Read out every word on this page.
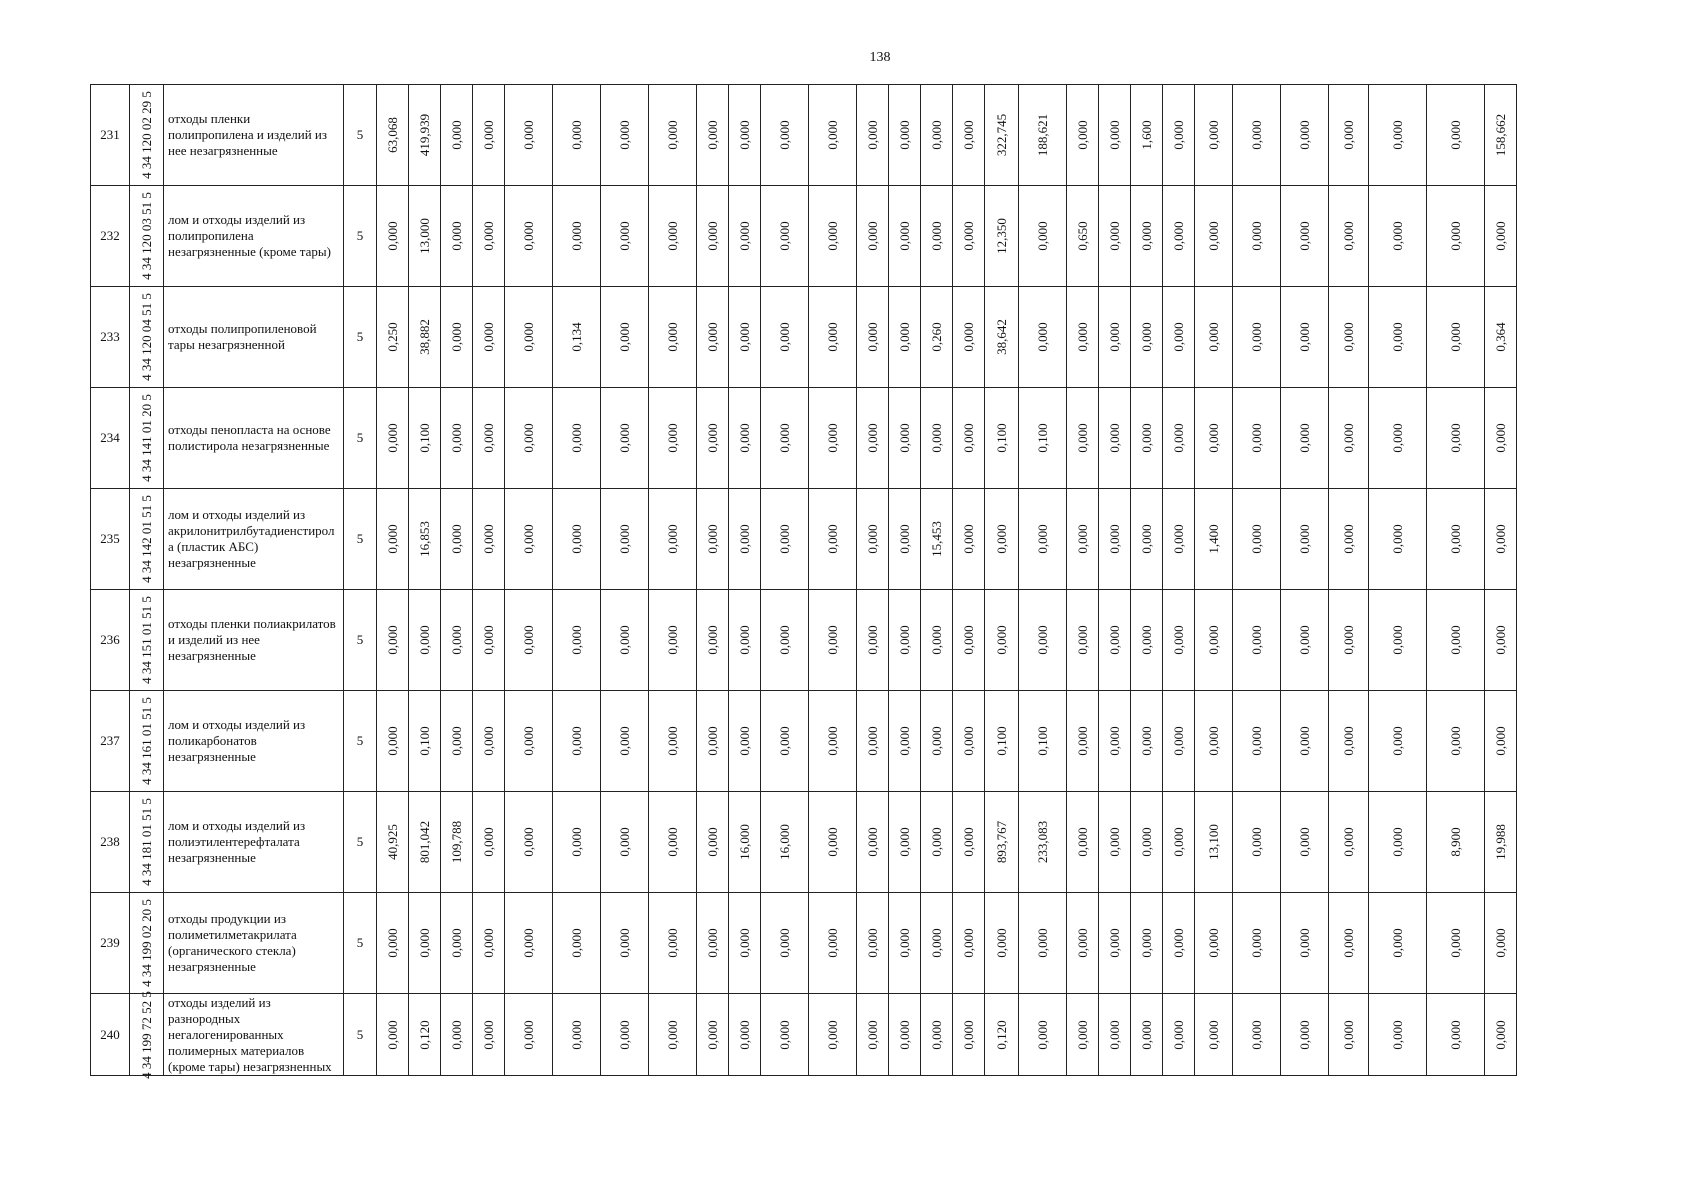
138
231	4 34 120 02 29 5	отходы пленки полипропилена и изделий из нее незагрязненные	5	63,068	419,939	0,000	0,000	0,000	0,000	0,000	0,000	0,000	0,000	0,000	0,000	0,000	0,000	0,000	0,000	322,745	188,621	0,000	0,000	1,600	0,000	0,000	0,000	0,000	0,000	0,000	0,000	158,662

232	4 34 120 03 51 5	лом и отходы изделий из полипропилена незагрязненные (кроме тары)	5	0,000	13,000	0,000	0,000	0,000	0,000	0,000	0,000	0,000	0,000	0,000	0,000	0,000	0,000	0,000	0,000	12,350	0,000	0,650	0,000	0,000	0,000	0,000	0,000	0,000	0,000	0,000	0,000	0,000

233	4 34 120 04 51 5	отходы полипропиленовой тары незагрязненной	5	0,250	38,882	0,000	0,000	0,000	0,134	0,000	0,000	0,000	0,000	0,000	0,000	0,000	0,000	0,260	0,000	38,642	0,000	0,000	0,000	0,000	0,000	0,000	0,000	0,000	0,000	0,000	0,000	0,364

234	4 34 141 01 20 5	отходы пенопласта на основе полистирола незагрязненные	5	0,000	0,100	0,000	0,000	0,000	0,000	0,000	0,000	0,000	0,000	0,000	0,000	0,000	0,000	0,000	0,000	0,100	0,100	0,000	0,000	0,000	0,000	0,000	0,000	0,000	0,000	0,000	0,000	0,000

235	4 34 142 01 51 5	лом и отходы изделий из акрилонитрилбутадиенстирол а (пластик АБС) незагрязненные	5	0,000	16,853	0,000	0,000	0,000	0,000	0,000	0,000	0,000	0,000	0,000	0,000	0,000	0,000	15,453	0,000	0,000	0,000	0,000	0,000	0,000	0,000	1,400	0,000	0,000	0,000	0,000	0,000	0,000

236	4 34 151 01 51 5	отходы пленки полиакрилатов и изделий из нее незагрязненные	5	0,000	0,000	0,000	0,000	0,000	0,000	0,000	0,000	0,000	0,000	0,000	0,000	0,000	0,000	0,000	0,000	0,000	0,000	0,000	0,000	0,000	0,000	0,000	0,000	0,000	0,000	0,000	0,000	0,000

237	4 34 161 01 51 5	лом и отходы изделий из поликарбонатов незагрязненные	5	0,000	0,100	0,000	0,000	0,000	0,000	0,000	0,000	0,000	0,000	0,000	0,000	0,000	0,000	0,000	0,000	0,100	0,100	0,000	0,000	0,000	0,000	0,000	0,000	0,000	0,000	0,000	0,000	0,000

238	4 34 181 01 51 5	лом и отходы изделий из полиэтилентерефталата незагрязненные	5	40,925	801,042	109,788	0,000	0,000	0,000	0,000	0,000	0,000	16,000	16,000	0,000	0,000	0,000	0,000	0,000	893,767	233,083	0,000	0,000	0,000	0,000	13,100	0,000	0,000	0,000	0,000	8,900	19,988

239	4 34 199 02 20 5	отходы продукции из полиметилметакрилата (органического стекла) незагрязненные	5	0,000	0,000	0,000	0,000	0,000	0,000	0,000	0,000	0,000	0,000	0,000	0,000	0,000	0,000	0,000	0,000	0,000	0,000	0,000	0,000	0,000	0,000	0,000	0,000	0,000	0,000	0,000	0,000	0,000

240	4 34 199 72 52 5	отходы изделий из разнородных негалогенированных полимерных материалов (кроме тары) незагрязненных	5	0,000	0,120	0,000	0,000	0,000	0,000	0,000	0,000	0,000	0,000	0,000	0,000	0,000	0,000	0,000	0,000	0,120	0,000	0,000	0,000	0,000	0,000	0,000	0,000	0,000	0,000	0,000	0,000	0,000
